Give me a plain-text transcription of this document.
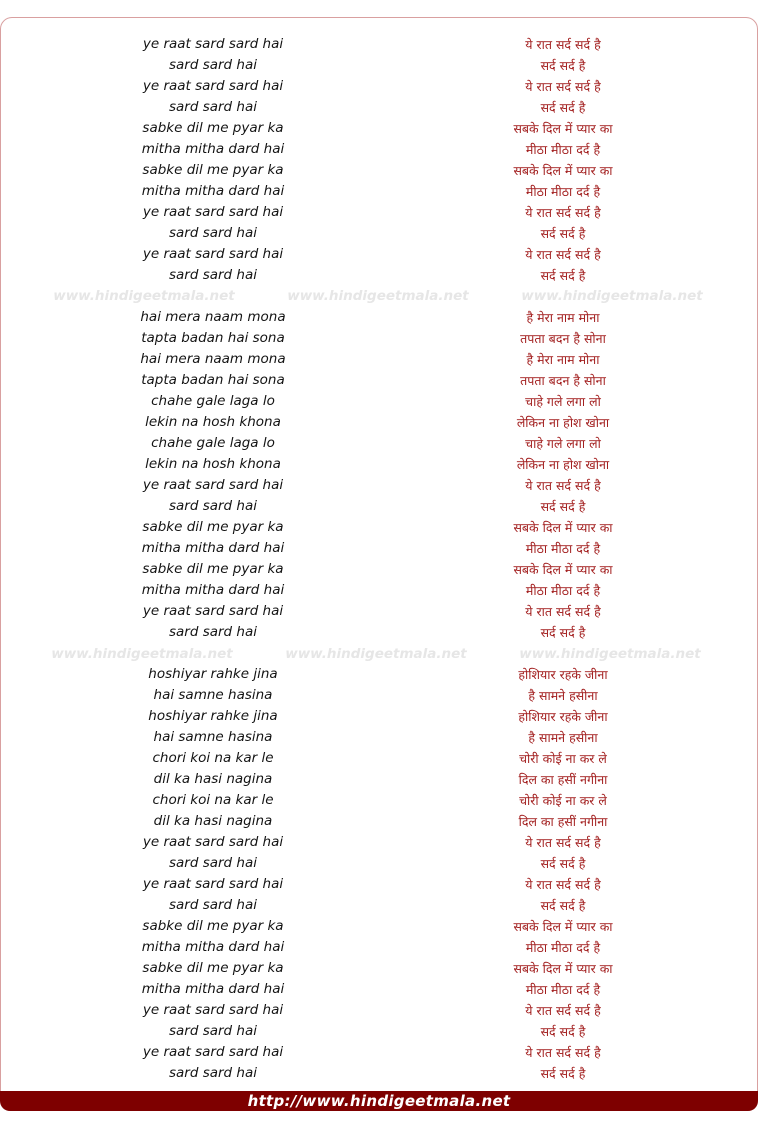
ye raat sard sard hai	ये रात सर्द सर्द है
sard sard hai	सर्द सर्द है
ye raat sard sard hai	ये रात सर्द सर्द है
sard sard hai	सर्द सर्द है
sabke dil me pyar ka	सबके दिल में प्यार का
mitha mitha dard hai	मीठा मीठा दर्द है
sabke dil me pyar ka	सबके दिल में प्यार का
mitha mitha dard hai	मीठा मीठा दर्द है
ye raat sard sard hai	ये रात सर्द सर्द है
sard sard hai	सर्द सर्द है
ye raat sard sard hai	ये रात सर्द सर्द है
sard sard hai	सर्द सर्द है
www.hindigeetmala.net	www.hindigeetmala.net	www.hindigeetmala.net
hai mera naam mona	है मेरा नाम मोना
tapta badan hai sona	तपता बदन है सोना
hai mera naam mona	है मेरा नाम मोना
tapta badan hai sona	तपता बदन है सोना
chahe gale laga lo	चाहे गले लगा लो
lekin na hosh khona	लेकिन ना होश खोना
chahe gale laga lo	चाहे गले लगा लो
lekin na hosh khona	लेकिन ना होश खोना
ye raat sard sard hai	ये रात सर्द सर्द है
sard sard hai	सर्द सर्द है
sabke dil me pyar ka	सबके दिल में प्यार का
mitha mitha dard hai	मीठा मीठा दर्द है
sabke dil me pyar ka	सबके दिल में प्यार का
mitha mitha dard hai	मीठा मीठा दर्द है
ye raat sard sard hai	ये रात सर्द सर्द है
sard sard hai	सर्द सर्द है
www.hindigeetmala.net	www.hindigeetmala.net	www.hindigeetmala.net
hoshiyar rahke jina	होशियार रहके जीना
hai samne hasina	है सामने हसीना
hoshiyar rahke jina	होशियार रहके जीना
hai samne hasina	है सामने हसीना
chori koi na kar le	चोरी कोई ना कर ले
dil ka hasi nagina	दिल का हसीं नगीना
chori koi na kar le	चोरी कोई ना कर ले
dil ka hasi nagina	दिल का हसीं नगीना
ye raat sard sard hai	ये रात सर्द सर्द है
sard sard hai	सर्द सर्द है
ye raat sard sard hai	ये रात सर्द सर्द है
sard sard hai	सर्द सर्द है
sabke dil me pyar ka	सबके दिल में प्यार का
mitha mitha dard hai	मीठा मीठा दर्द है
sabke dil me pyar ka	सबके दिल में प्यार का
mitha mitha dard hai	मीठा मीठा दर्द है
ye raat sard sard hai	ये रात सर्द सर्द है
sard sard hai	सर्द सर्द है
ye raat sard sard hai	ये रात सर्द सर्द है
sard sard hai	सर्द सर्द है
http://www.hindigeetmala.net
